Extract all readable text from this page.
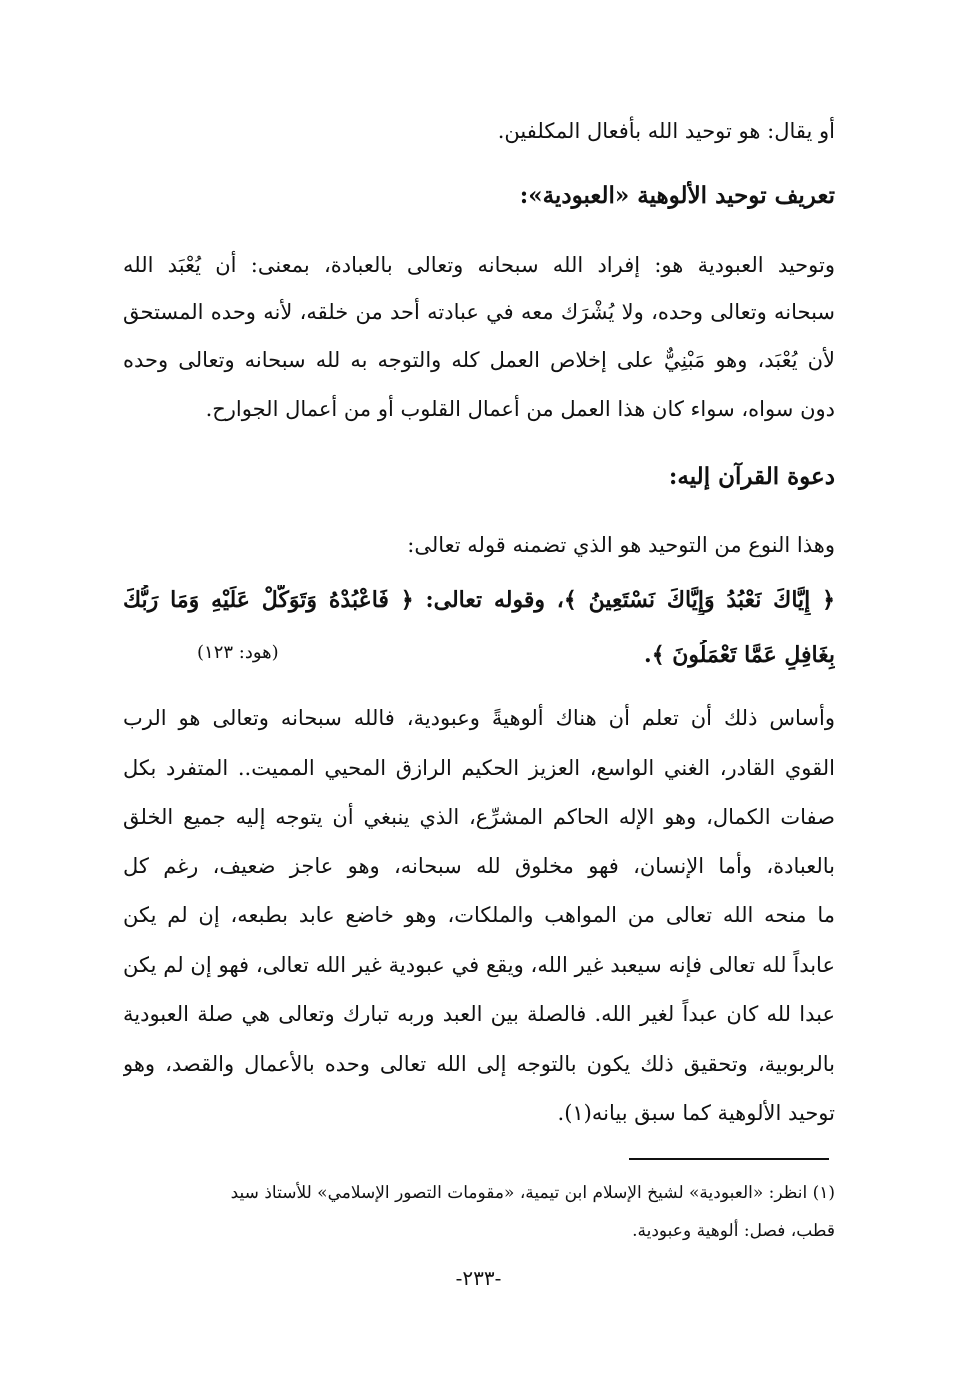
أو يقال: هو توحيد الله بأفعال المكلفين.
تعريف توحيد الألوهية «العبودية»:
وتوحيد العبودية هو: إفراد الله سبحانه وتعالى بالعبادة، بمعنى: أن يُعْبَد الله
سبحانه وتعالى وحده، ولا يُشْرَك معه في عبادته أحد من خلقه، لأنه وحده المستحق
لأن يُعْبَد، وهو مَبْنِيٌّ على إخلاص العمل كله والتوجه به لله سبحانه وتعالى وحده
دون سواه، سواء كان هذا العمل من أعمال القلوب أو من أعمال الجوارح.
دعوة القرآن إليه:
وهذا النوع من التوحيد هو الذي تضمنه قوله تعالى:
﴿ إِيَّاكَ نَعْبُدُ وَإِيَّاكَ نَسْتَعِينُ ﴾، وقوله تعالى: ﴿ فَاعْبُدْهُ وَتَوَكَّلْ عَلَيْهِ وَمَا رَبُّكَ
بِغَافِلٍ عَمَّا تَعْمَلُونَ ﴾.
(هود: ١٢٣)
وأساس ذلك أن تعلم أن هناك ألوهيةً وعبودية، فالله سبحانه وتعالى هو الرب
القوي القادر، الغني الواسع، العزيز الحكيم الرازق المحيي المميت.. المتفرد بكل
صفات الكمال، وهو الإله الحاكم المشرِّع، الذي ينبغي أن يتوجه إليه جميع الخلق
بالعبادة، وأما الإنسان، فهو مخلوق لله سبحانه، وهو عاجز ضعيف، رغم كل
ما منحه الله تعالى من المواهب والملكات، وهو خاضع عابد بطبعه، إن لم يكن
عابداً لله تعالى فإنه سيعبد غير الله، ويقع في عبودية غير الله تعالى، فهو إن لم يكن
عبدا لله كان عبداً لغير الله. فالصلة بين العبد وربه تبارك وتعالى هي صلة العبودية
بالربوبية، وتحقيق ذلك يكون بالتوجه إلى الله تعالى وحده بالأعمال والقصد، وهو
توحيد الألوهية كما سبق بيانه(١).
(١) انظر: «العبودية» لشيخ الإسلام ابن تيمية، «مقومات التصور الإسلامي» للأستاذ سيد
قطب، فصل: ألوهية وعبودية.
-٢٣٣-
